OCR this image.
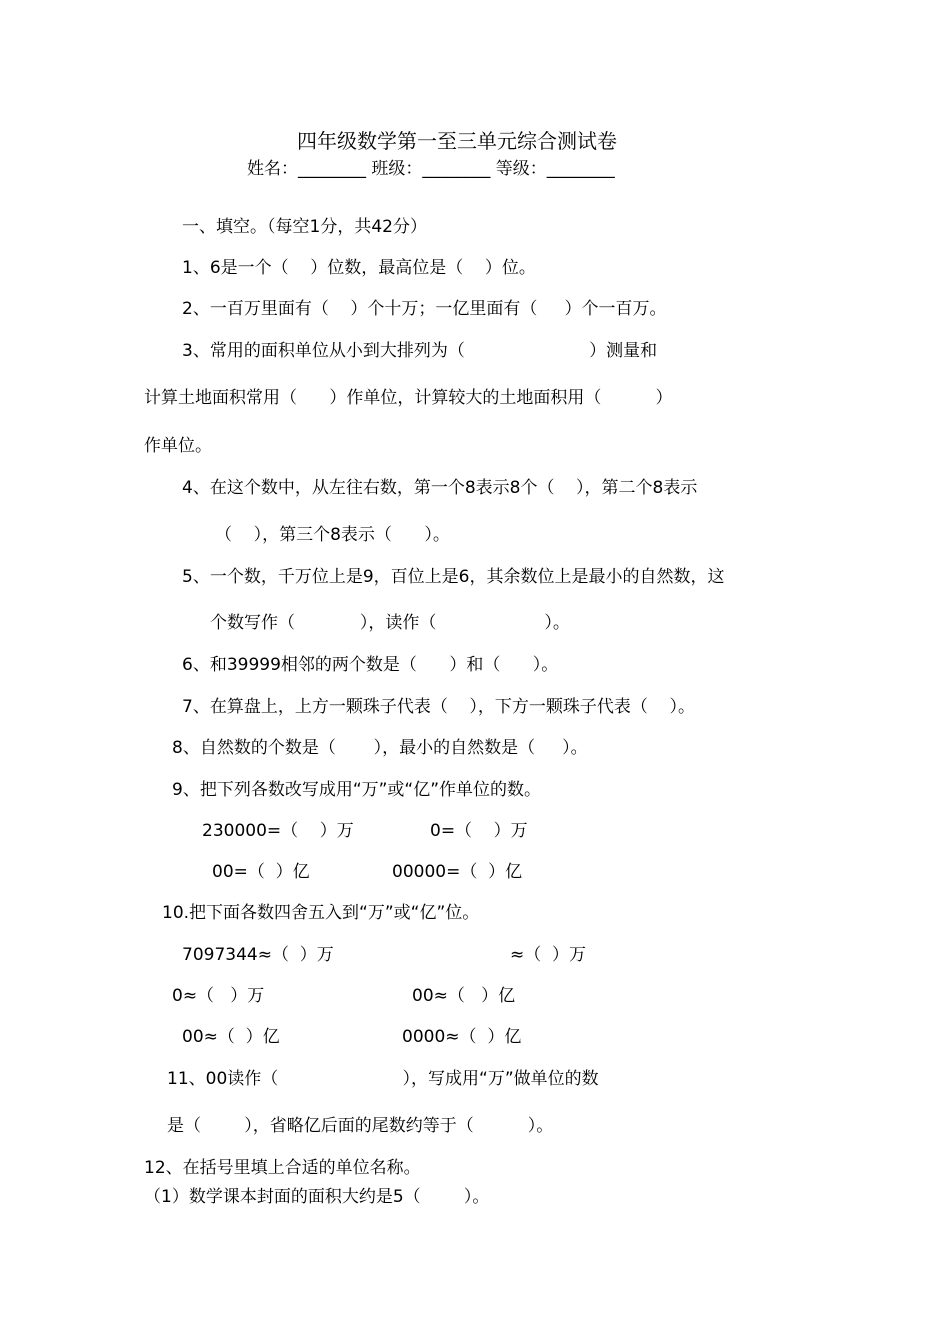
四年级数学第一至三单元综合测试卷
姓名：________ 班级：________ 等级：________
一、填空。（每空1分，共42分）
1、6是一个（    ）位数，最高位是（    ）位。
2、一百万里面有（    ）个十万；一亿里面有（     ）个一百万。
3、常用的面积单位从小到大排列为（                       ）测量和
计算土地面积常用（      ）作单位，计算较大的土地面积用（          ）
作单位。
4、在这个数中，从左往右数，第一个8表示8个（    ），第二个8表示
（    ），第三个8表示（      ）。
5、一个数，千万位上是9，百位上是6，其余数位上是最小的自然数，这
个数写作（            ），读作（                    ）。
6、和39999相邻的两个数是（      ）和（      ）。
7、在算盘上，上方一颗珠子代表（    ），下方一颗珠子代表（    ）。
8、自然数的个数是（       ），最小的自然数是（     ）。
9、把下列各数改写成用“万”或“亿”作单位的数。
230000=（    ）万	0=（    ）万
00=（  ）亿	00000=（  ）亿
10.把下面各数四舍五入到“万”或“亿”位。
7097344≈（  ）万	≈（  ）万
0≈（   ）万	00≈（   ）亿
00≈（  ）亿	0000≈（  ）亿
11、00读作（                       ），写成用“万”做单位的数
是（        ），省略亿后面的尾数约等于（          ）。
12、在括号里填上合适的单位名称。
（1）数学课本封面的面积大约是5（        ）。
